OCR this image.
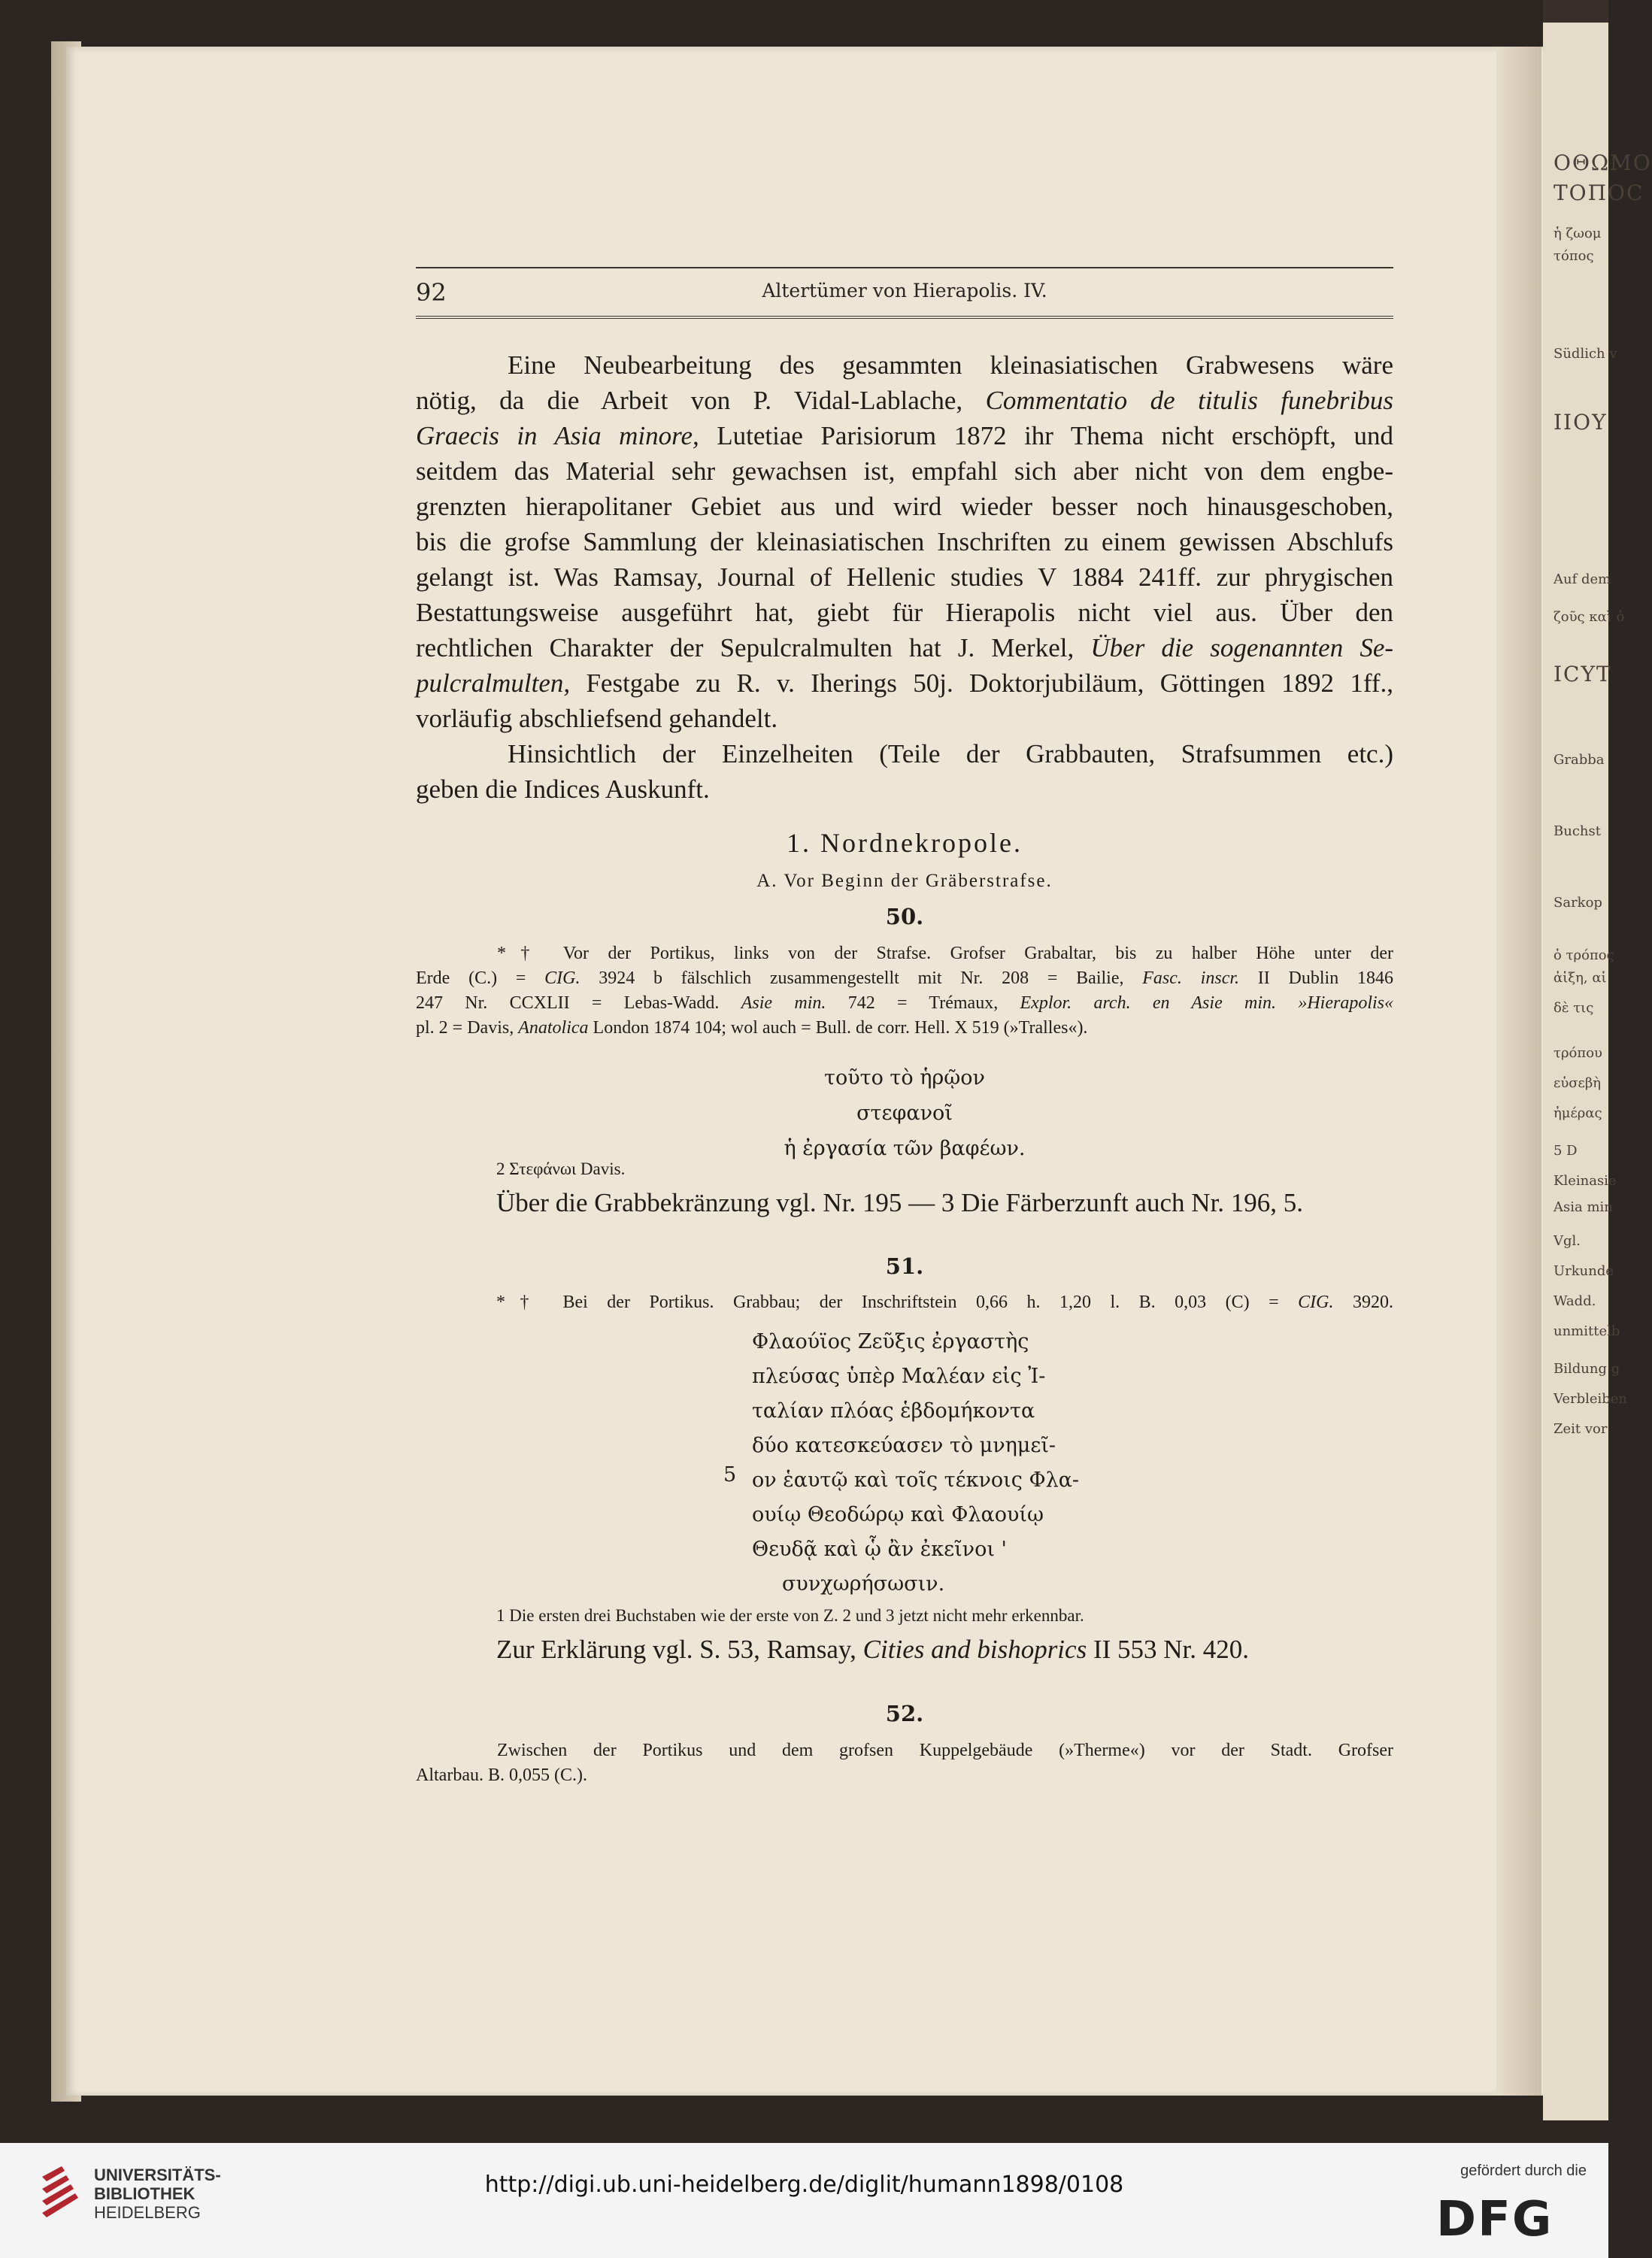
ΟΘΩΜΟ
ΤΟΠΟC
ἡ ζωομ
τόπος
Südlich v
ΙΙΟΥ
Auf dem
ζοῦς καὶ ὁ
ΙCYT
Grabba
Buchst
Sarkop
ὁ τρόπος
ἀἱξη, αἱ
δὲ τις
τρόπου
εὐσεβὴ
ἠμέρας
5 D
Kleinasie
Asia min
Vgl.
Urkunde
Wadd.
unmittelb
Bildung g
Verbleiben
Zeit vor
92	Altertümer von Hierapolis. IV.
Eine Neubearbeitung des gesammten kleinasiatischen Grabwesens wäre
nötig, da die Arbeit von P. Vidal-Lablache, Commentatio de titulis funebribus
Graecis in Asia minore, Lutetiae Parisiorum 1872 ihr Thema nicht erschöpft, und
seitdem das Material sehr gewachsen ist, empfahl sich aber nicht von dem engbe-
grenzten hierapolitaner Gebiet aus und wird wieder besser noch hinausgeschoben,
bis die grofse Sammlung der kleinasiatischen Inschriften zu einem gewissen Abschlufs
gelangt ist. Was Ramsay, Journal of Hellenic studies V 1884 241ff. zur phrygischen
Bestattungsweise ausgeführt hat, giebt für Hierapolis nicht viel aus. Über den
rechtlichen Charakter der Sepulcralmulten hat J. Merkel, Über die sogenannten Se-
pulcralmulten, Festgabe zu R. v. Iherings 50j. Doktorjubiläum, Göttingen 1892 1ff.,
vorläufig abschliefsend gehandelt.
Hinsichtlich der Einzelheiten (Teile der Grabbauten, Strafsummen etc.)
geben die Indices Auskunft.
1. Nordnekropole.
A. Vor Beginn der Gräberstrafse.
50.
*† Vor der Portikus, links von der Strafse. Grofser Grabaltar, bis zu halber Höhe unter der
Erde (C.) = CIG. 3924 b fälschlich zusammengestellt mit Nr. 208 = Bailie, Fasc. inscr. II Dublin 1846
247 Nr. CCXLII = Lebas-Wadd. Asie min. 742 = Trémaux, Explor. arch. en Asie min. »Hierapolis«
pl. 2 = Davis, Anatolica London 1874 104; wol auch = Bull. de corr. Hell. X 519 (»Tralles«).
τοῦτο τὸ ἡρῷον
στεφανοῖ
ἡ ἐργασία τῶν βαφέων.
2 Στεφάνωι Davis.
Über die Grabbekränzung vgl. Nr. 195 — 3 Die Färberzunft auch Nr. 196, 5.
51.
*† Bei der Portikus. Grabbau; der Inschriftstein 0,66 h. 1,20 l. B. 0,03 (C) = CIG. 3920.
Φλαούϊος Ζεῦξις ἐργαστὴς
πλεύσας ὑπὲρ Μαλέαν εἰς Ἰ-
ταλίαν πλόας ἑβδομήκοντα
δύο κατεσκεύασεν τὸ μνημεῖ-
ον ἑαυτῷ καὶ τοῖς τέκνοις Φλα-
ουίῳ Θεοδώρῳ καὶ Φλαουίῳ
Θευδᾷ καὶ ᾧ ἂν ἐκεῖνοι '
συνχωρήσωσιν.
5
1 Die ersten drei Buchstaben wie der erste von Z. 2 und 3 jetzt nicht mehr erkennbar.
Zur Erklärung vgl. S. 53, Ramsay, Cities and bishoprics II 553 Nr. 420.
52.
Zwischen der Portikus und dem grofsen Kuppelgebäude (»Therme«) vor der Stadt. Grofser
Altarbau. B. 0,055 (C.).
UNIVERSITÄTS-
BIBLIOTHEK
HEIDELBERG
http://digi.ub.uni-heidelberg.de/diglit/humann1898/0108
gefördert durch die
DFG
